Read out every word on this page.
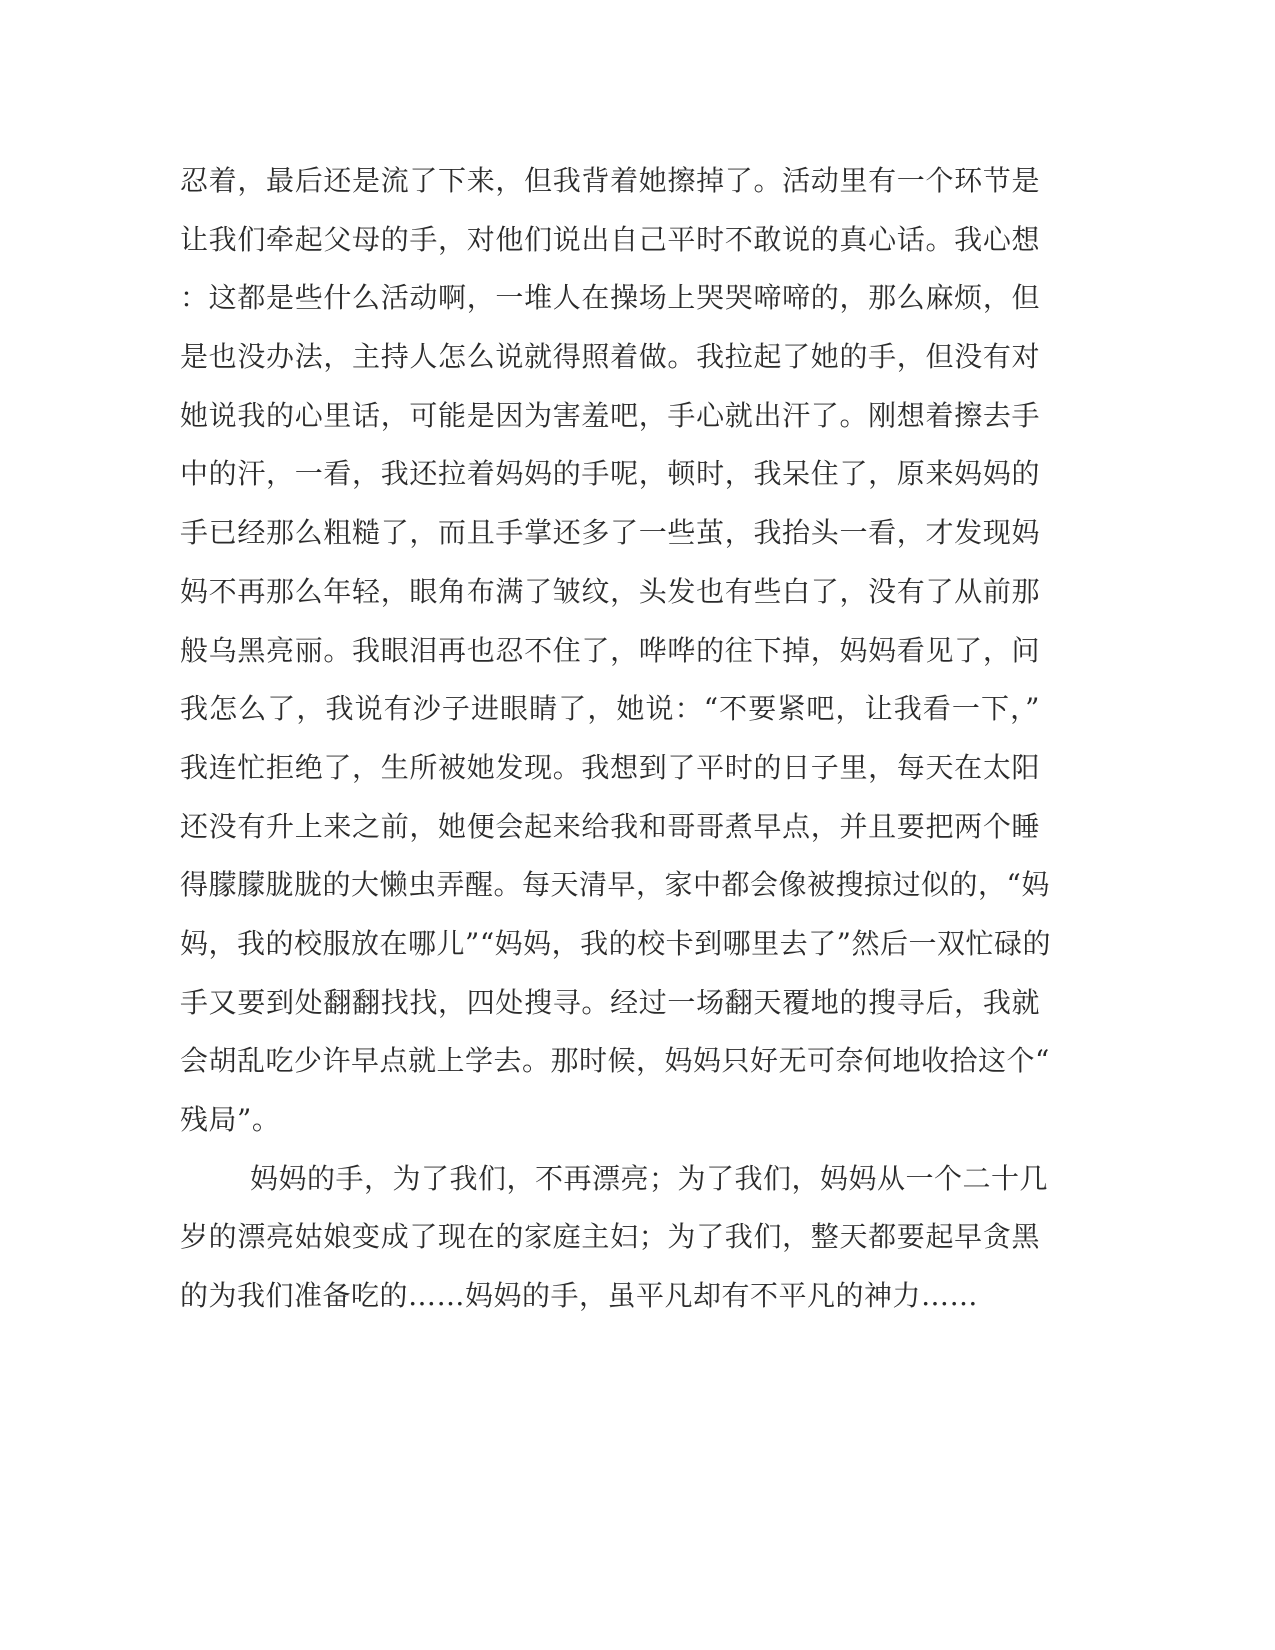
忍着，最后还是流了下来，但我背着她擦掉了。活动里有一个环节是
让我们牵起父母的手，对他们说出自己平时不敢说的真心话。我心想
：这都是些什么活动啊，一堆人在操场上哭哭啼啼的，那么麻烦，但
是也没办法，主持人怎么说就得照着做。我拉起了她的手，但没有对
她说我的心里话，可能是因为害羞吧，手心就出汗了。刚想着擦去手
中的汗，一看，我还拉着妈妈的手呢，顿时，我呆住了，原来妈妈的
手已经那么粗糙了，而且手掌还多了一些茧，我抬头一看，才发现妈
妈不再那么年轻，眼角布满了皱纹，头发也有些白了，没有了从前那
般乌黑亮丽。我眼泪再也忍不住了，哗哗的往下掉，妈妈看见了，问
我怎么了，我说有沙子进眼睛了，她说：“不要紧吧，让我看一下，”
我连忙拒绝了，生所被她发现。我想到了平时的日子里，每天在太阳
还没有升上来之前，她便会起来给我和哥哥煮早点，并且要把两个睡
得朦朦胧胧的大懒虫弄醒。每天清早，家中都会像被搜掠过似的，“妈
妈，我的校服放在哪儿”“妈妈，我的校卡到哪里去了”然后一双忙碌的
手又要到处翻翻找找，四处搜寻。经过一场翻天覆地的搜寻后，我就
会胡乱吃少许早点就上学去。那时候，妈妈只好无可奈何地收拾这个“
残局”。
妈妈的手，为了我们，不再漂亮；为了我们，妈妈从一个二十几
岁的漂亮姑娘变成了现在的家庭主妇；为了我们，整天都要起早贪黑
的为我们准备吃的……妈妈的手，虽平凡却有不平凡的神力……
